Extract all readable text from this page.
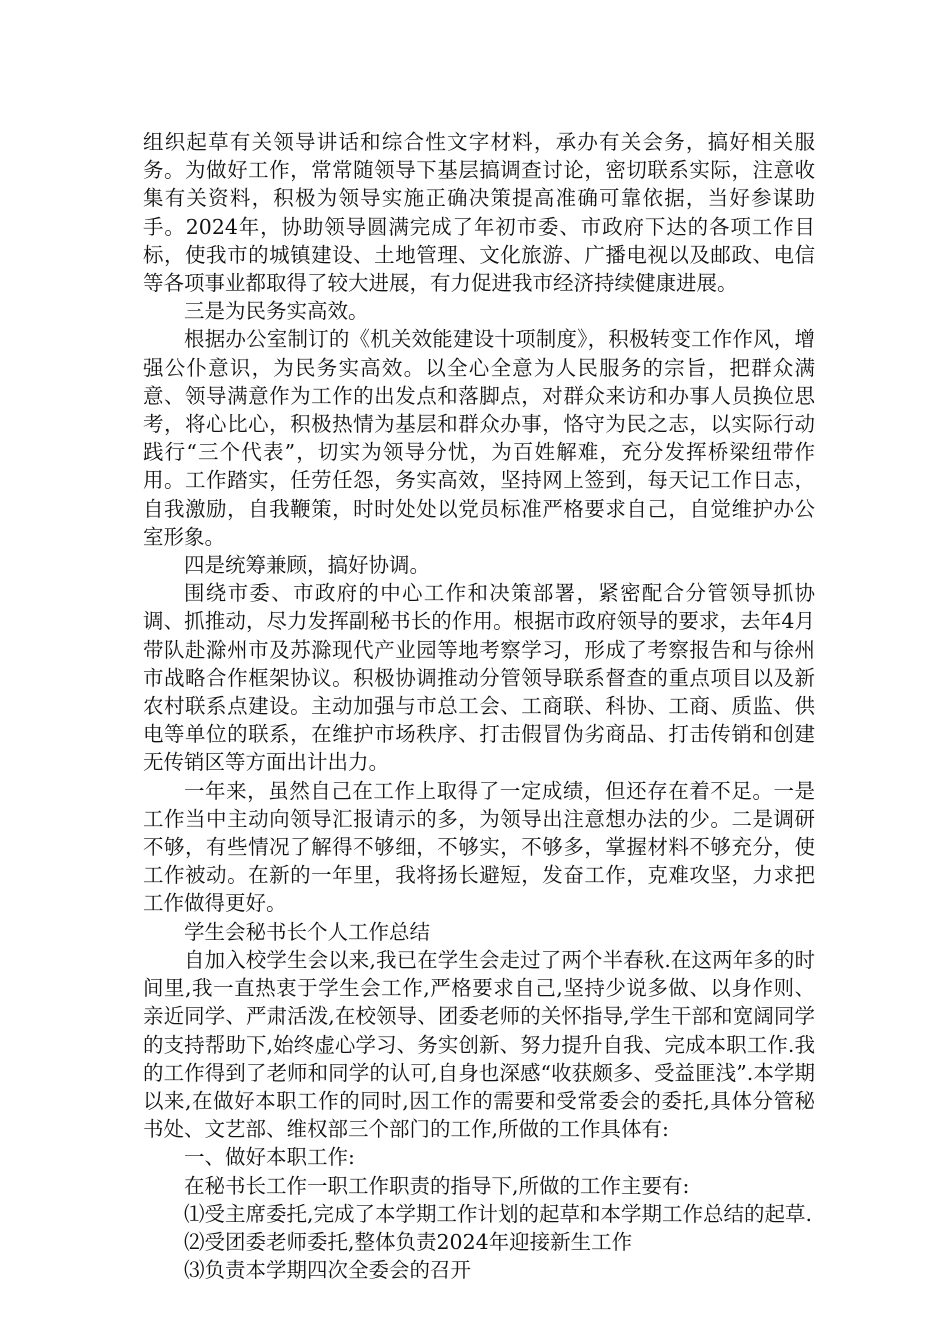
组织起草有关领导讲话和综合性文字材料，承办有关会务，搞好相关服务。为做好工作，常常随领导下基层搞调查讨论，密切联系实际，注意收集有关资料，积极为领导实施正确决策提高准确可靠依据，当好参谋助手。2024年，协助领导圆满完成了年初市委、市政府下达的各项工作目标，使我市的城镇建设、土地管理、文化旅游、广播电视以及邮政、电信等各项事业都取得了较大进展，有力促进我市经济持续健康进展。

三是为民务实高效。

根据办公室制订的《机关效能建设十项制度》，积极转变工作作风，增强公仆意识，为民务实高效。以全心全意为人民服务的宗旨，把群众满意、领导满意作为工作的出发点和落脚点，对群众来访和办事人员换位思考，将心比心，积极热情为基层和群众办事，恪守为民之志，以实际行动践行“三个代表”，切实为领导分忧，为百姓解难，充分发挥桥梁纽带作用。工作踏实，任劳任怨，务实高效，坚持网上签到，每天记工作日志，自我激励，自我鞭策，时时处处以党员标准严格要求自己，自觉维护办公室形象。

四是统筹兼顾，搞好协调。

围绕市委、市政府的中心工作和决策部署，紧密配合分管领导抓协调、抓推动，尽力发挥副秘书长的作用。根据市政府领导的要求，去年4月带队赴滁州市及苏滁现代产业园等地考察学习，形成了考察报告和与徐州市战略合作框架协议。积极协调推动分管领导联系督查的重点项目以及新农村联系点建设。主动加强与市总工会、工商联、科协、工商、质监、供电等单位的联系，在维护市场秩序、打击假冒伪劣商品、打击传销和创建无传销区等方面出计出力。

一年来，虽然自己在工作上取得了一定成绩，但还存在着不足。一是工作当中主动向领导汇报请示的多，为领导出注意想办法的少。二是调研不够，有些情况了解得不够细，不够实，不够多，掌握材料不够充分，使工作被动。在新的一年里，我将扬长避短，发奋工作，克难攻坚，力求把工作做得更好。

学生会秘书长个人工作总结

自加入校学生会以来,我已在学生会走过了两个半春秋.在这两年多的时间里,我一直热衷于学生会工作,严格要求自己,坚持少说多做、以身作则、亲近同学、严肃活泼,在校领导、团委老师的关怀指导,学生干部和宽阔同学的支持帮助下,始终虚心学习、务实创新、努力提升自我、完成本职工作.我的工作得到了老师和同学的认可,自身也深感“收获颇多、受益匪浅”.本学期以来,在做好本职工作的同时,因工作的需要和受常委会的委托,具体分管秘书处、文艺部、维权部三个部门的工作,所做的工作具体有:

一、做好本职工作:

在秘书长工作一职工作职责的指导下,所做的工作主要有:

⑴受主席委托,完成了本学期工作计划的起草和本学期工作总结的起草.

⑵受团委老师委托,整体负责2024年迎接新生工作

⑶负责本学期四次全委会的召开
